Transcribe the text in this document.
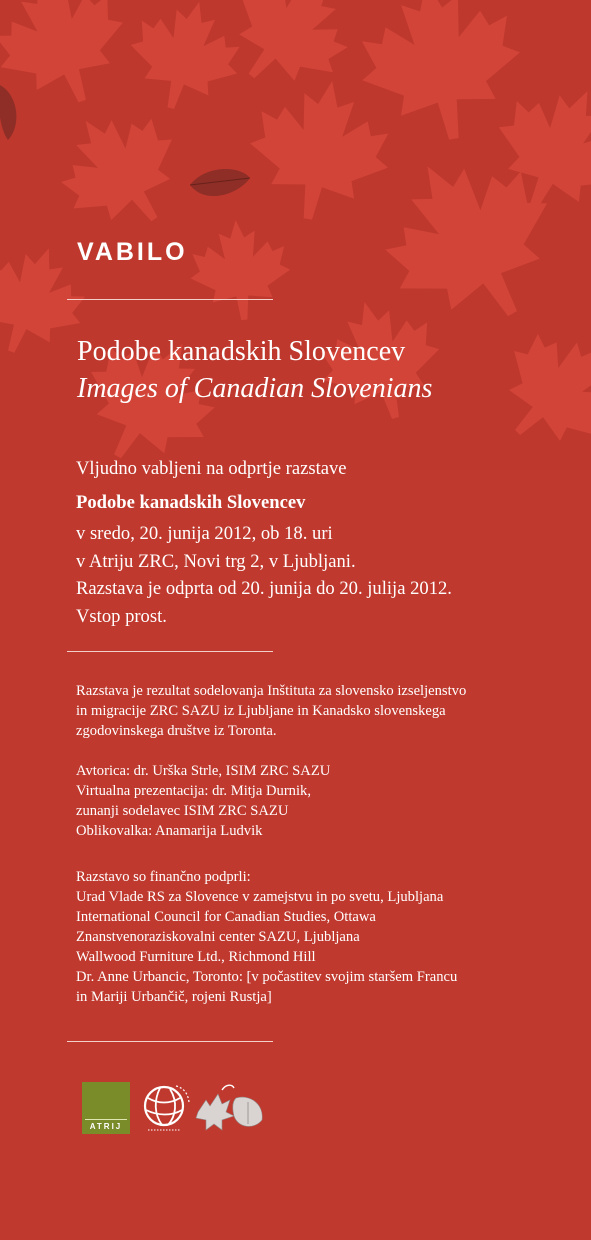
VABILO
Podobe kanadskih Slovencev
Images of Canadian Slovenians
Vljudno vabljeni na odprtje razstave
Podobe kanadskih Slovencev
v sredo, 20. junija 2012, ob 18. uri
v Atriju ZRC, Novi trg 2, v Ljubljani.
Razstava je odprta od 20. junija do 20. julija 2012.
Vstop prost.
Razstava je rezultat sodelovanja Inštituta za slovensko izseljenstvo
in migracije ZRC SAZU iz Ljubljane in Kanadsko slovenskega
zgodovinskega društve iz Toronta.
Avtorica: dr. Urška Strle, ISIM ZRC SAZU
Virtualna prezentacija: dr. Mitja Durnik,
zunanji sodelavec ISIM ZRC SAZU
Oblikovalka: Anamarija Ludvik
Razstavo so finančno podprli:
Urad Vlade RS za Slovence v zamejstvu in po svetu, Ljubljana
International Council for Canadian Studies, Ottawa
Znanstvenoraziskovalni center SAZU, Ljubljana
Wallwood Furniture Ltd., Richmond Hill
Dr. Anne Urbancic, Toronto: [v počastitev svojim staršem Francu
in Mariji Urbančič, rojeni Rustja]
ATRIJ
